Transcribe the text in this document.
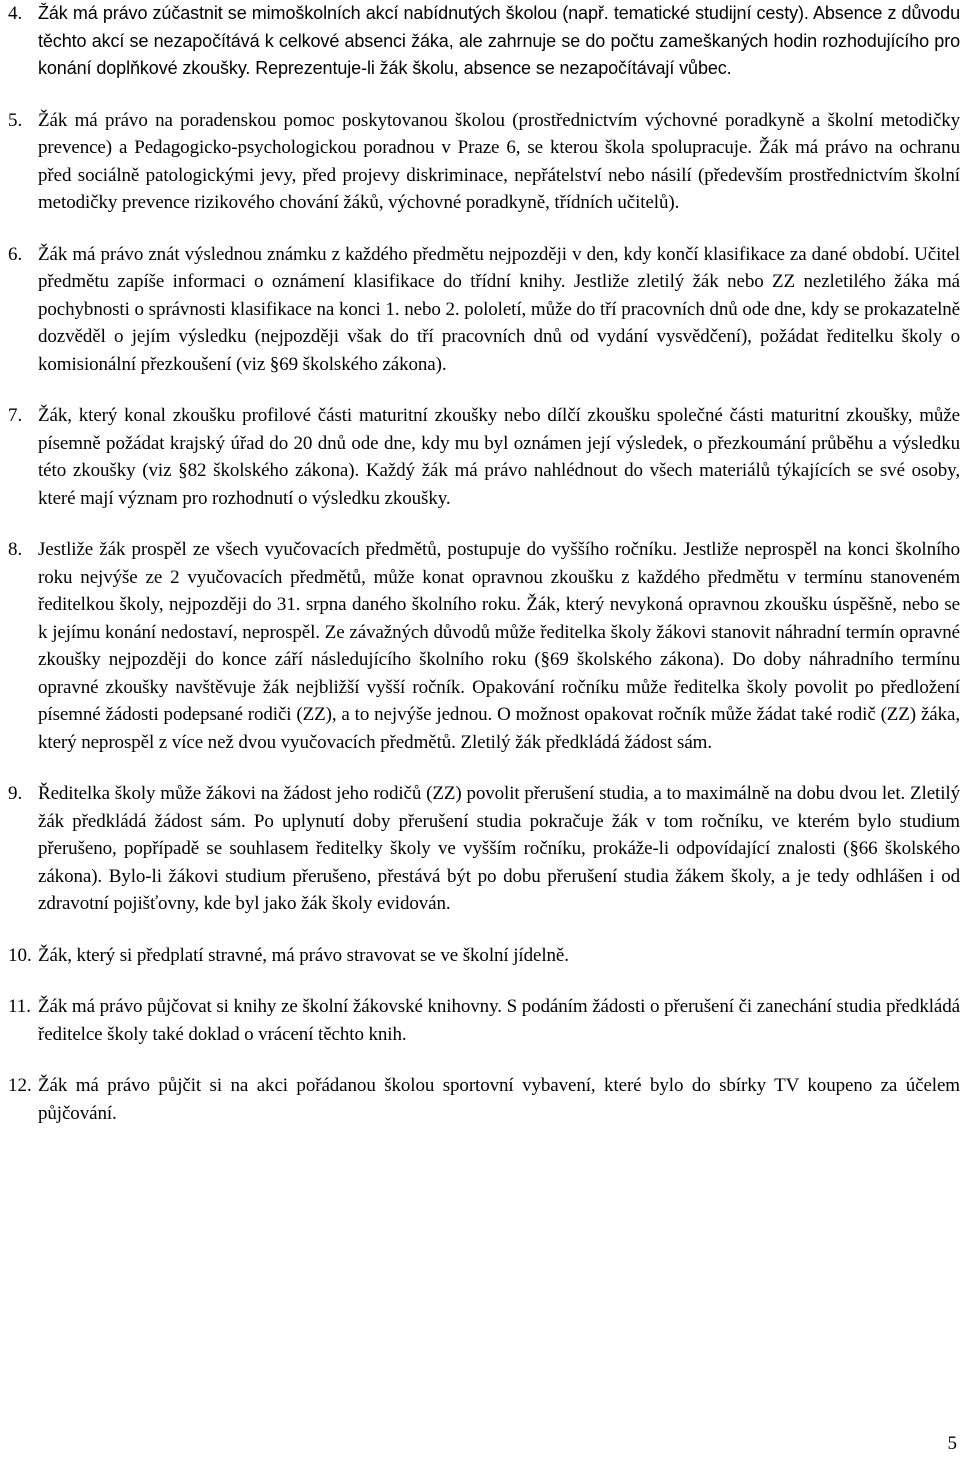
4. Žák má právo zúčastnit se mimoškolních akcí nabídnutých školou (např. tematické studijní cesty). Absence z důvodu těchto akcí se nezapočítává k celkové absenci žáka, ale zahrnuje se do počtu zameškaných hodin rozhodujícího pro konání doplňkové zkoušky. Reprezentuje-li žák školu, absence se nezapočítávají vůbec.
5. Žák má právo na poradenskou pomoc poskytovanou školou (prostřednictvím výchovné poradkyně a školní metodičky prevence) a Pedagogicko-psychologickou poradnou v Praze 6, se kterou škola spolupracuje. Žák má právo na ochranu před sociálně patologickými jevy, před projevy diskriminace, nepřátelství nebo násilí (především prostřednictvím školní metodičky prevence rizikového chování žáků, výchovné poradkyně, třídních učitelů).
6. Žák má právo znát výslednou známku z každého předmětu nejpozději v den, kdy končí klasifikace za dané období. Učitel předmětu zapíše informaci o oznámení klasifikace do třídní knihy. Jestliže zletilý žák nebo ZZ nezletilého žáka má pochybnosti o správnosti klasifikace na konci 1. nebo 2. pololetí, může do tří pracovních dnů ode dne, kdy se prokazatelně dozvěděl o jejím výsledku (nejpozději však do tří pracovních dnů od vydání vysvědčení), požádat ředitelku školy o komisionální přezkoušení (viz §69 školského zákona).
7. Žák, který konal zkoušku profilové části maturitní zkoušky nebo dílčí zkoušku společné části maturitní zkoušky, může písemně požádat krajský úřad do 20 dnů ode dne, kdy mu byl oznámen její výsledek, o přezkoumání průběhu a výsledku této zkoušky (viz §82 školského zákona). Každý žák má právo nahlédnout do všech materiálů týkajících se své osoby, které mají význam pro rozhodnutí o výsledku zkoušky.
8. Jestliže žák prospěl ze všech vyučovacích předmětů, postupuje do vyššího ročníku. Jestliže neprospěl na konci školního roku nejvýše ze 2 vyučovacích předmětů, může konat opravnou zkoušku z každého předmětu v termínu stanoveném ředitelkou školy, nejpozději do 31. srpna daného školního roku. Žák, který nevykoná opravnou zkoušku úspěšně, nebo se k jejímu konání nedostaví, neprospěl. Ze závažných důvodů může ředitelka školy žákovi stanovit náhradní termín opravné zkoušky nejpozději do konce září následujícího školního roku (§69 školského zákona). Do doby náhradního termínu opravné zkoušky navštěvuje žák nejbližší vyšší ročník. Opakování ročníku může ředitelka školy povolit po předložení písemné žádosti podepsané rodiči (ZZ), a to nejvýše jednou. O možnost opakovat ročník může žádat také rodič (ZZ) žáka, který neprospěl z více než dvou vyučovacích předmětů. Zletilý žák předkládá žádost sám.
9. Ředitelka školy může žákovi na žádost jeho rodičů (ZZ) povolit přerušení studia, a to maximálně na dobu dvou let. Zletilý žák předkládá žádost sám. Po uplynutí doby přerušení studia pokračuje žák v tom ročníku, ve kterém bylo studium přerušeno, popřípadě se souhlasem ředitelky školy ve vyšším ročníku, prokáže-li odpovídající znalosti (§66 školského zákona). Bylo-li žákovi studium přerušeno, přestává být po dobu přerušení studia žákem školy, a je tedy odhlášen i od zdravotní pojišťovny, kde byl jako žák školy evidován.
10. Žák, který si předplatí stravné, má právo stravovat se ve školní jídelně.
11. Žák má právo půjčovat si knihy ze školní žákovské knihovny. S podáním žádosti o přerušení či zanechání studia předkládá ředitelce školy také doklad o vrácení těchto knih.
12. Žák má právo půjčit si na akci pořádanou školou sportovní vybavení, které bylo do sbírky TV koupeno za účelem půjčování.
5
